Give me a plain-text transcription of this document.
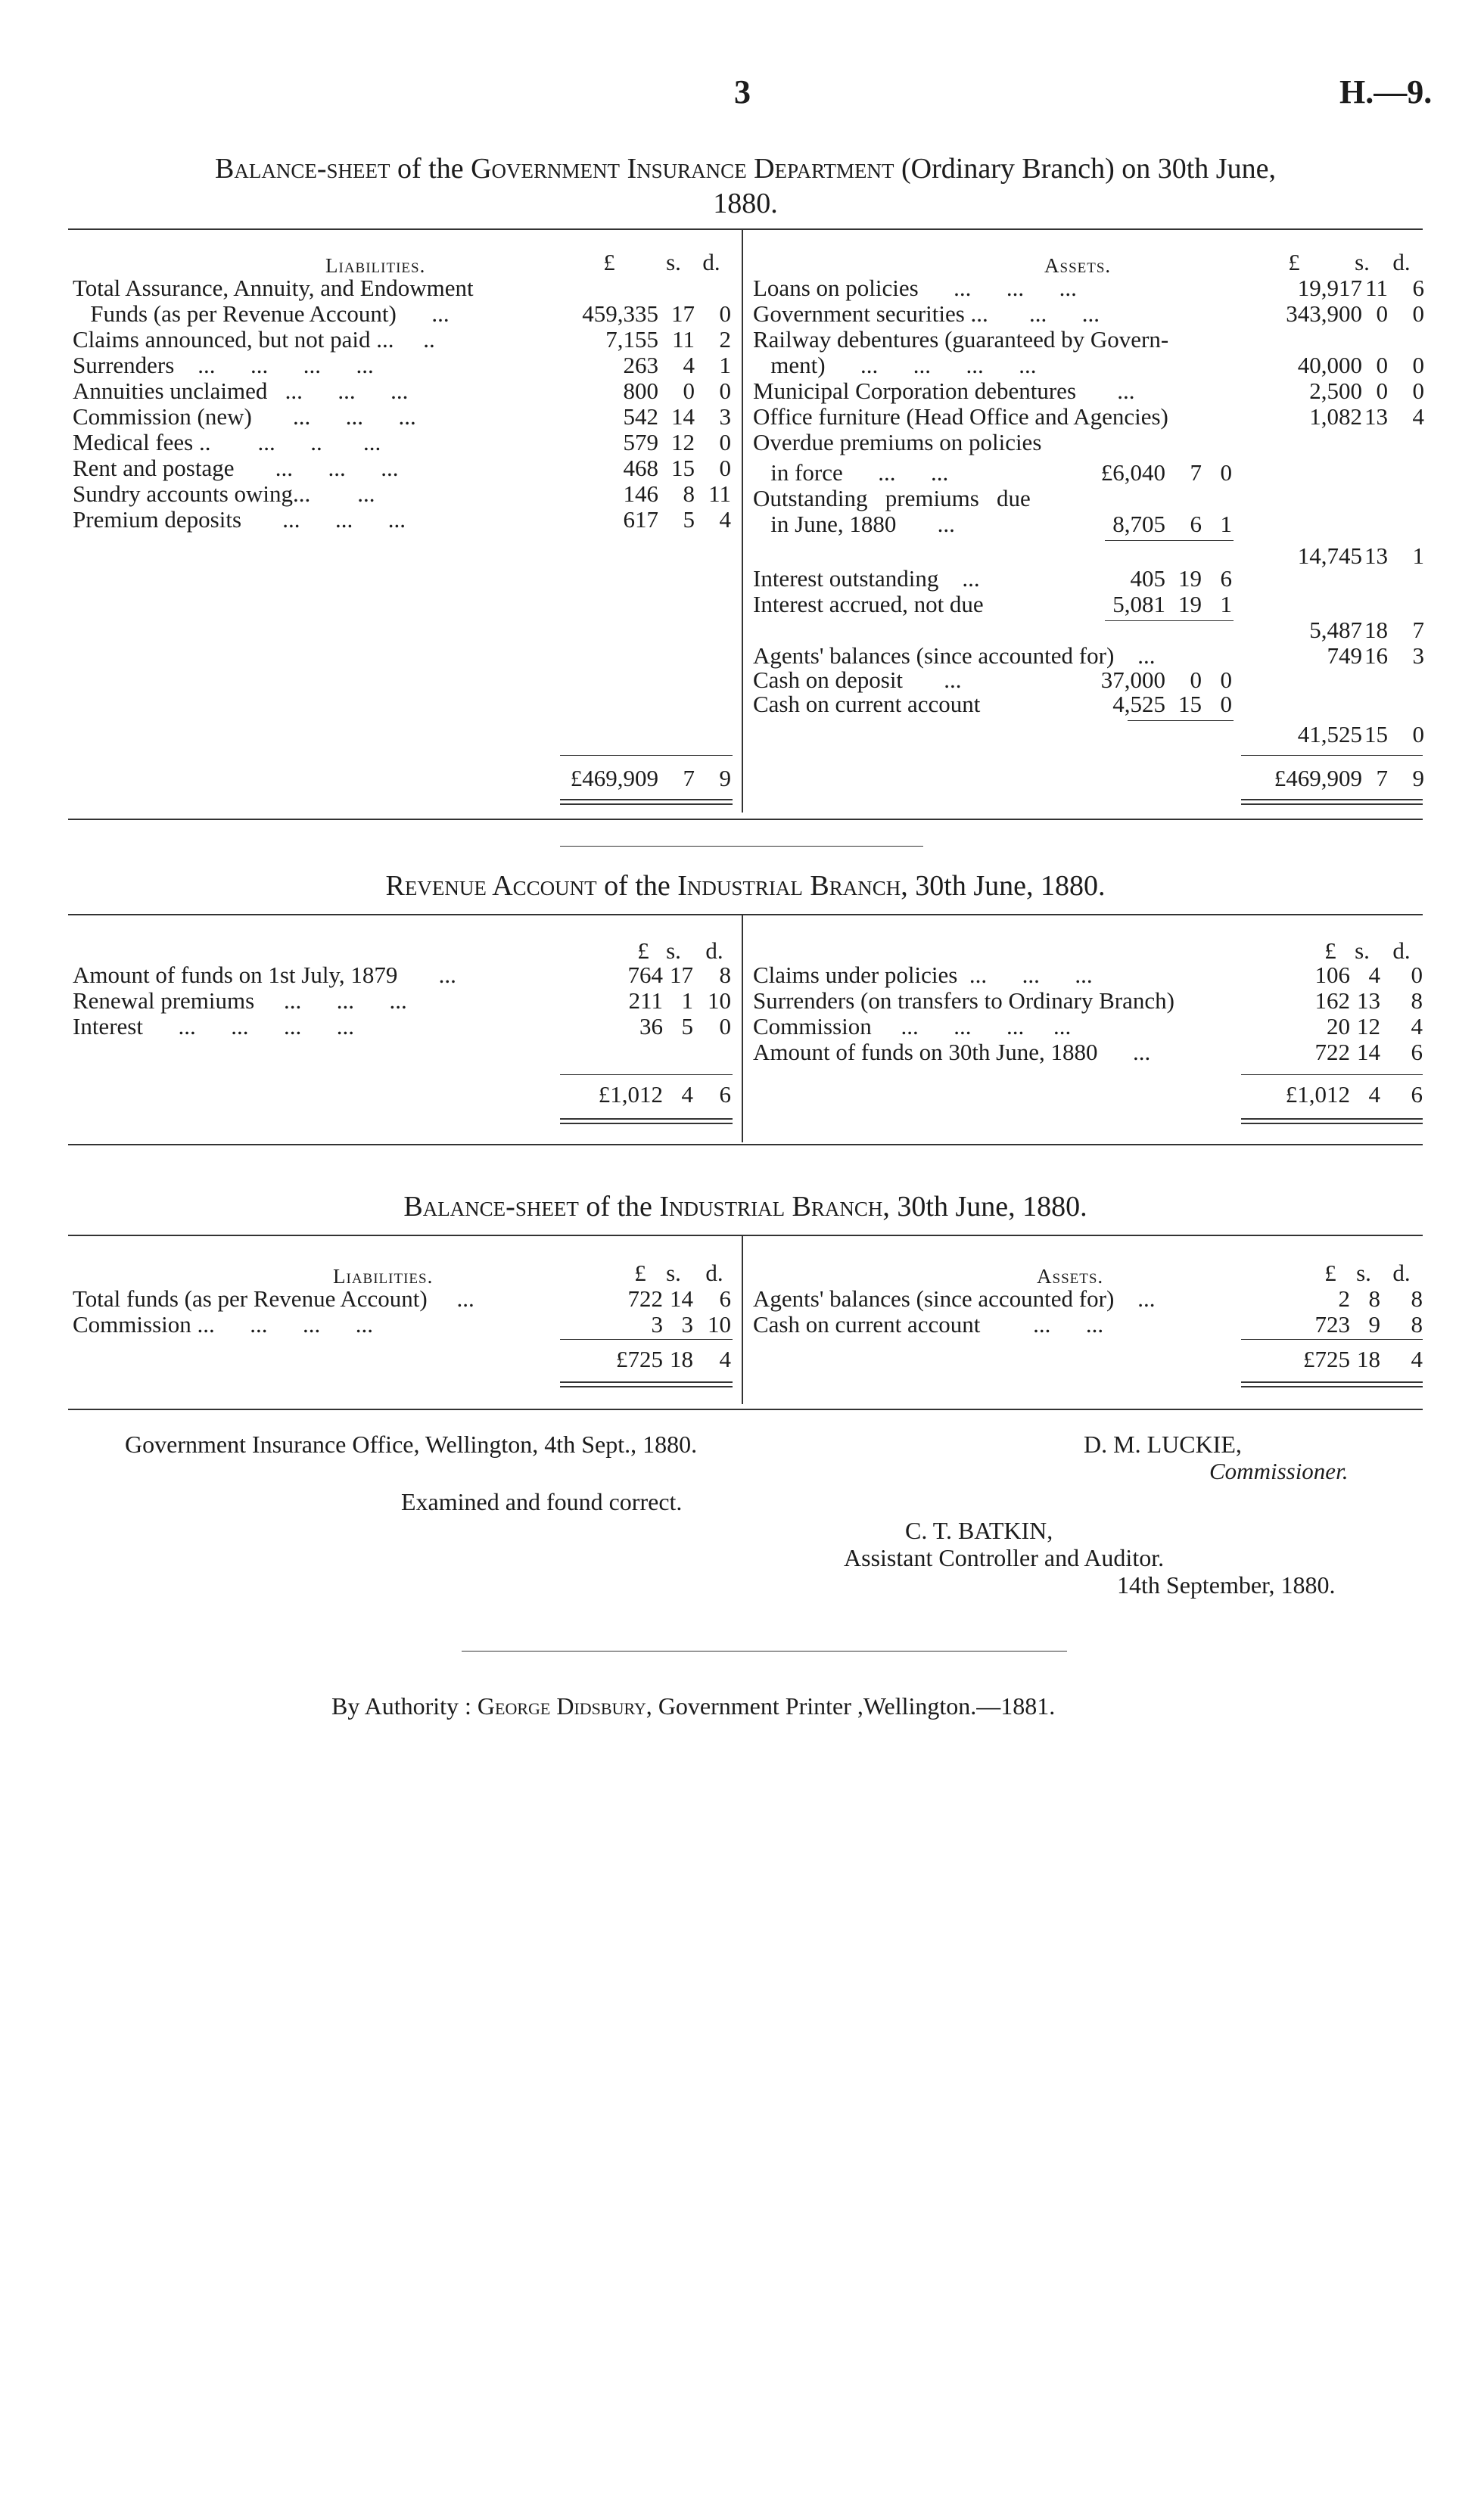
3	H.—9.
Balance-sheet of the Government Insurance Department (Ordinary Branch) on 30th June,
1880.
Liabilities.	£	s. d.
Total Assurance, Annuity, and Endowment
Funds (as per Revenue Account)      ...	459,335 17	0
Claims announced, but not paid ...     ..	7,155 11	2
Surrenders    ...      ...      ...      ...	263	4	1
Annuities unclaimed   ...      ...      ...	800	0	0
Commission (new)       ...      ...      ...	542 14	3
Medical fees ..        ...      ..       ...	579 12	0
Rent and postage       ...      ...      ...	468 15	0
Sundry accounts owing...        ...	146	8 11
Premium deposits       ...      ...      ...	617	5	4
£469,909	7	9
Assets.	£	s. d.
Loans on policies      ...      ...      ...	19,917 11	6
Government securities ...       ...      ...	343,900 0	0
Railway debentures (guaranteed by Govern-
ment)      ...      ...      ...      ...	40,000 0	0
Municipal Corporation debentures       ...	2,500 0	0
Office furniture (Head Office and Agencies)	1,082 13	4
Overdue premiums on policies
in force      ...      ...	£6,040	7 0
Outstanding   premiums   due
in June, 1880       ...	8,705	6 1
14,745 13	1
Interest outstanding    ...	405 19 6
Interest accrued, not due	5,081 19 1
5,487 18	7
Agents' balances (since accounted for)    ...	749 16	3
Cash on deposit       ...	37,000	0 0
Cash on current account	4,525 15 0
41,525 15	0
£469,909 7	9
Revenue Account of the Industrial Branch, 30th June, 1880.
£ s.	d.	£ s. d.
Amount of funds on 1st July, 1879       ...	764 17	8
Renewal premiums     ...      ...      ...	211 1 10
Interest      ...      ...      ...      ...	36 5	0
Claims under policies  ...      ...      ...	106 4	0
Surrenders (on transfers to Ordinary Branch)	162 13	8
Commission     ...      ...      ...     ...	20 12	4
Amount of funds on 30th June, 1880      ...	722 14	6
£1,012 4	6	£1,012 4	6
Balance-sheet of the Industrial Branch, 30th June, 1880.
Liabilities.	£ s.	d.	Assets.	£ s. d.
Total funds (as per Revenue Account)     ...	722 14	6
Commission ...      ...      ...      ...	3 3 10
Agents' balances (since accounted for)    ...	2 8	8
Cash on current account         ...      ...	723 9	8
£725 18	4	£725 18	4
Government Insurance Office, Wellington, 4th Sept., 1880.	D. M. LUCKIE,
Commissioner.
Examined and found correct.
C. T. BATKIN,
Assistant Controller and Auditor.
14th September, 1880.

By Authority : George Didsbury, Government Printer ,Wellington.—1881.
